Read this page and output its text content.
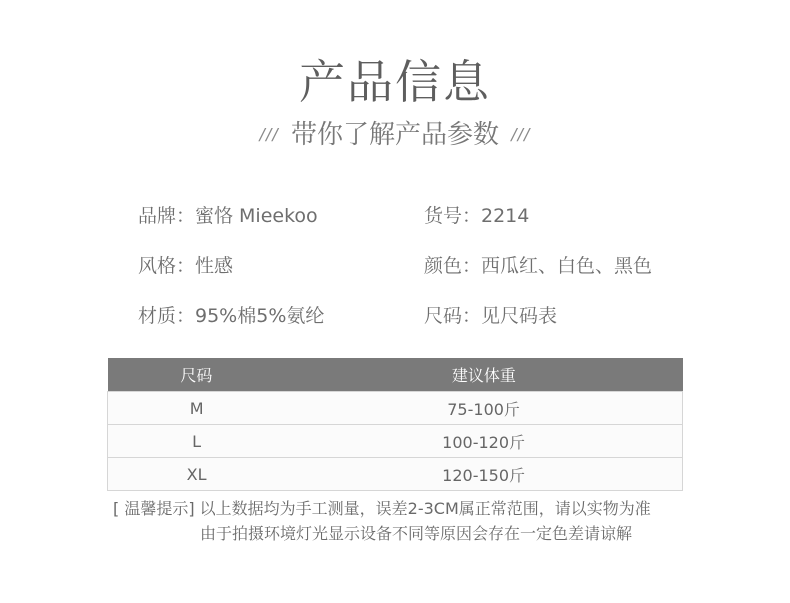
产品信息
/// 带你了解产品参数 ///
品牌：蜜恪 Mieekoo	货号：2214
风格：性感	颜色：西瓜红、白色、黑色
材质：95%棉5%氨纶	尺码：见尺码表
尺码	建议体重
M	75-100斤
L	100-120斤
XL	120-150斤
[ 温馨提示] 以上数据均为手工测量，误差2-3CM属正常范围，请以实物为准
由于拍摄环境灯光显示设备不同等原因会存在一定色差请谅解
